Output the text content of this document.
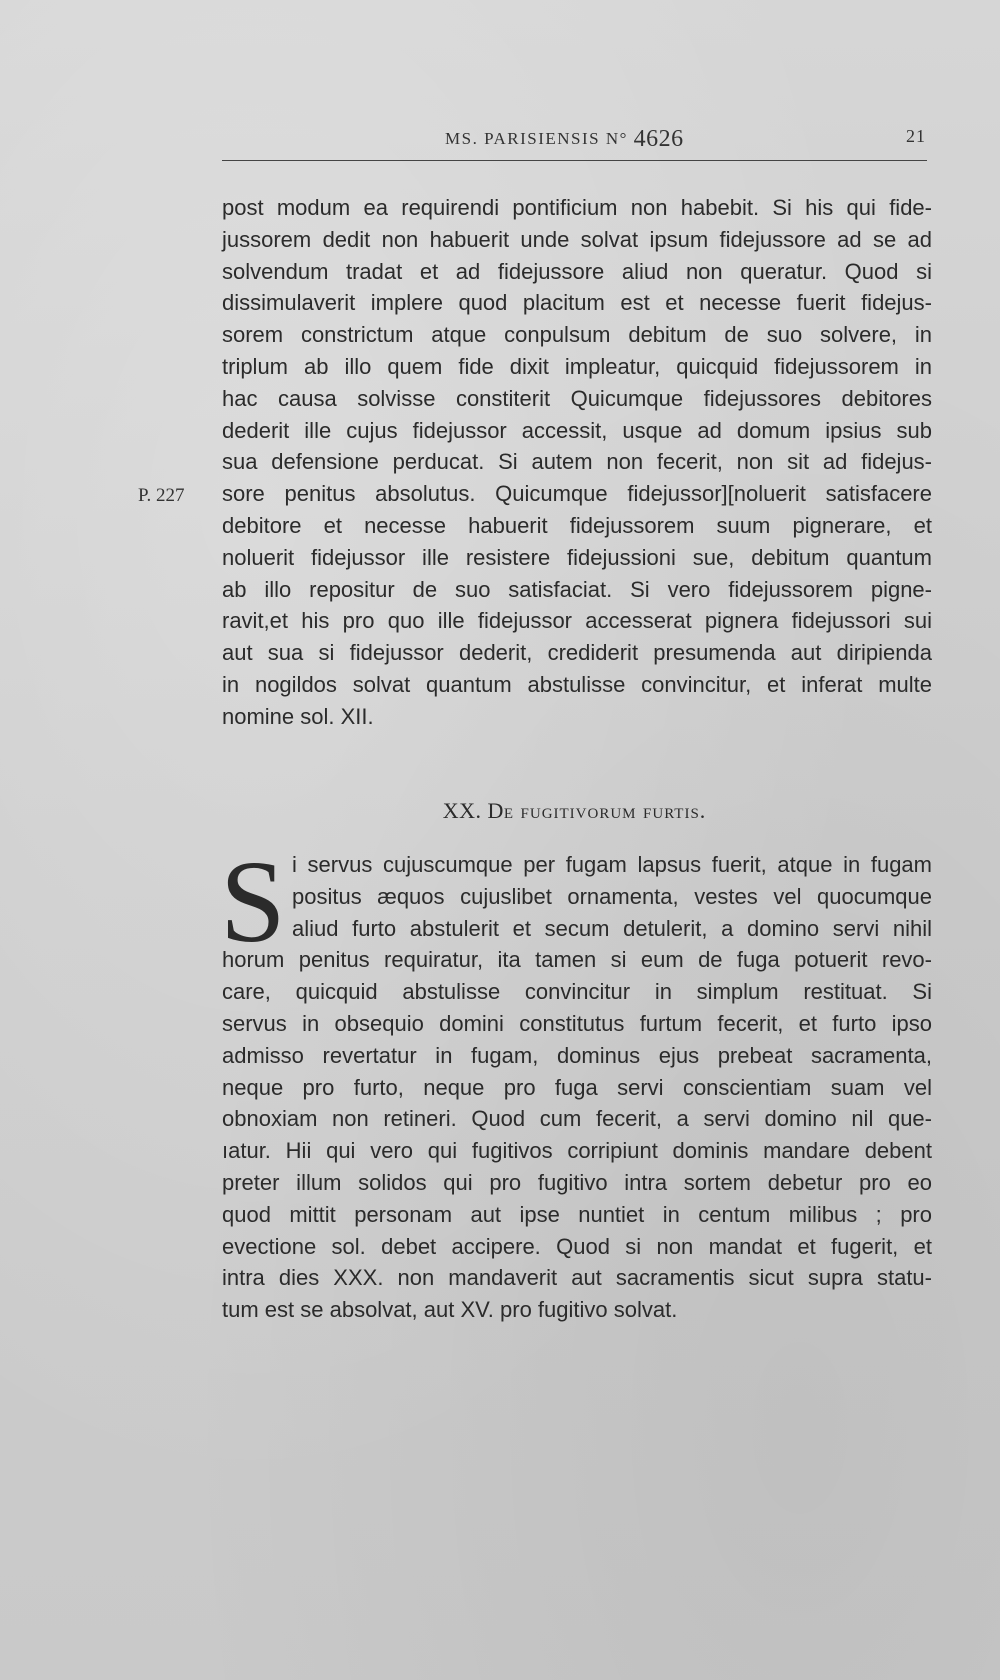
MS. PARISIENSIS N° 4626	21
P. 227
post modum ea requirendi pontificium non habebit. Si his qui fide-
jussorem dedit non habuerit unde solvat ipsum fidejussore ad se ad
solvendum tradat et ad fidejussore aliud non queratur. Quod si
dissimulaverit implere quod placitum est et necesse fuerit fidejus-
sorem constrictum atque conpulsum debitum de suo solvere, in
triplum ab illo quem fide dixit impleatur, quicquid fidejussorem in
hac causa solvisse constiterit Quicumque fidejussores debitores
dederit ille cujus fidejussor accessit, usque ad domum ipsius sub
sua defensione perducat. Si autem non fecerit, non sit ad fidejus-
sore penitus absolutus. Quicumque fidejussor][noluerit satisfacere
debitore et necesse habuerit fidejussorem suum pignerare, et
noluerit fidejussor ille resistere fidejussioni sue, debitum quantum
ab illo repositur de suo satisfaciat. Si vero fidejussorem pigne-
ravit,et his pro quo ille fidejussor accesserat pignera fidejussori sui
aut sua si fidejussor dederit, crediderit presumenda aut diripienda
in nogildos solvat quantum abstulisse convincitur, et inferat multe
nomine sol. XII.
XX. De fugitivorum furtis.
S i servus cujuscumque per fugam lapsus fuerit, atque in fugam
positus æquos cujuslibet ornamenta, vestes vel quocumque
aliud furto abstulerit et secum detulerit, a domino servi nihil
horum penitus requiratur, ita tamen si eum de fuga potuerit revo-
care, quicquid abstulisse convincitur in simplum restituat. Si
servus in obsequio domini constitutus furtum fecerit, et furto ipso
admisso revertatur in fugam, dominus ejus prebeat sacramenta,
neque pro furto, neque pro fuga servi conscientiam suam vel
obnoxiam non retineri. Quod cum fecerit, a servi domino nil que-
ıatur. Hii qui vero qui fugitivos corripiunt dominis mandare debent
preter illum solidos qui pro fugitivo intra sortem debetur pro eo
quod mittit personam aut ipse nuntiet in centum milibus ; pro
evectione sol. debet accipere. Quod si non mandat et fugerit, et
intra dies XXX. non mandaverit aut sacramentis sicut supra statu-
tum est se absolvat, aut XV. pro fugitivo solvat.
